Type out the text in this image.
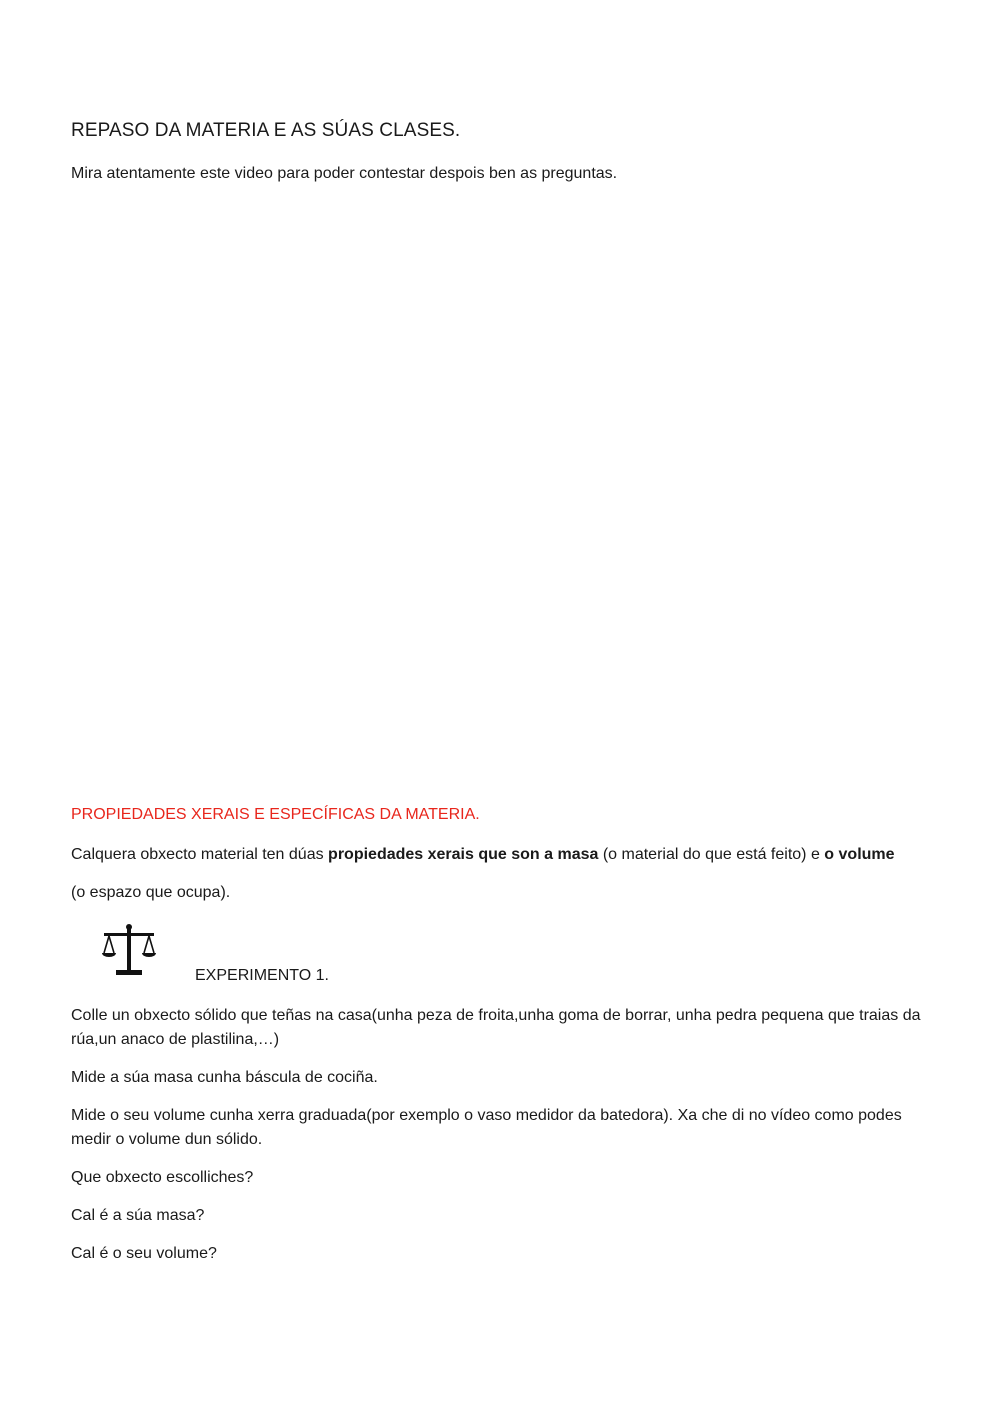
REPASO DA MATERIA E AS SÚAS CLASES.
Mira atentamente este video para poder contestar despois ben as preguntas.
PROPIEDADES XERAIS E ESPECÍFICAS DA MATERIA.
Calquera obxecto material ten dúas propiedades xerais que son a masa (o material do que está feito) e o volume
(o espazo que ocupa).
EXPERIMENTO 1.
Colle un obxecto sólido que teñas na casa(unha peza de froita,unha goma de borrar, unha pedra pequena que traias da rúa,un anaco de plastilina,…)
Mide a súa masa cunha báscula de cociña.
Mide o seu volume cunha xerra graduada(por exemplo o vaso medidor da batedora). Xa che di no vídeo como podes medir o volume dun sólido.
Que obxecto escolliches?
Cal é a súa masa?
Cal é o seu volume?
